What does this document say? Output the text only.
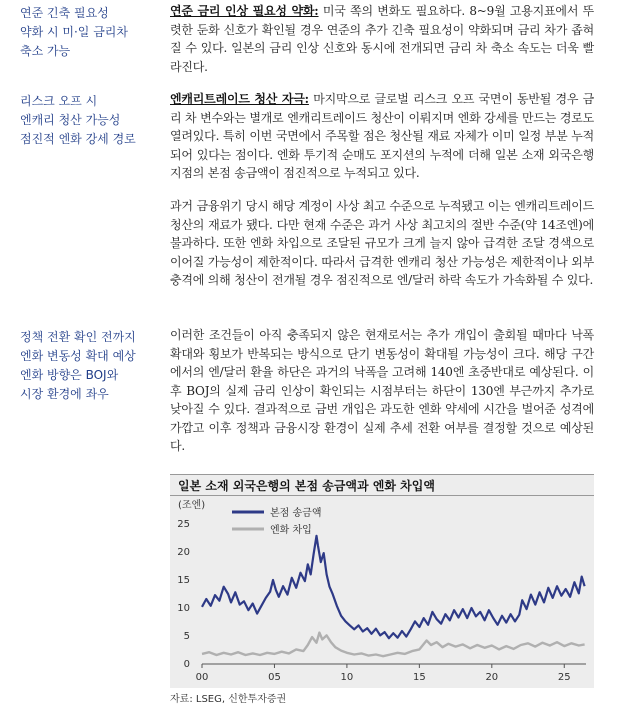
연준 긴축 필요성
약화 시 미·일 금리차
축소 가능

연준 금리 인상 필요성 약화: 미국 쪽의 변화도 필요하다. 8~9월 고용지표에서 뚜렷한 둔화 신호가 확인될 경우 연준의 추가 긴축 필요성이 약화되며 금리 차가 좁혀질 수 있다. 일본의 금리 인상 신호와 동시에 전개되면 금리 차 축소 속도는 더욱 빨라진다.

리스크 오프 시
엔캐리 청산 가능성
점진적 엔화 강세 경로

엔캐리트레이드 청산 자극: 마지막으로 글로벌 리스크 오프 국면이 동반될 경우 금리 차 변수와는 별개로 엔캐리트레이드 청산이 이뤄지며 엔화 강세를 만드는 경로도 열려있다. 특히 이번 국면에서 주목할 점은 청산될 재료 자체가 이미 일정 부분 누적되어 있다는 점이다. 엔화 투기적 순매도 포지션의 누적에 더해 일본 소재 외국은행 지점의 본점 송금액이 점진적으로 누적되고 있다.

과거 금융위기 당시 해당 계정이 사상 최고 수준으로 누적됐고 이는 엔캐리트레이드 청산의 재료가 됐다. 다만 현재 수준은 과거 사상 최고치의 절반 수준(약 14조엔)에 불과하다. 또한 엔화 차입으로 조달된 규모가 크게 늘지 않아 급격한 조달 경색으로 이어질 가능성이 제한적이다. 따라서 급격한 엔캐리 청산 가능성은 제한적이나 외부 충격에 의해 청산이 전개될 경우 점진적으로 엔/달러 하락 속도가 가속화될 수 있다.

정책 전환 확인 전까지
엔화 변동성 확대 예상
엔화 방향은 BOJ와
시장 환경에 좌우

이러한 조건들이 아직 충족되지 않은 현재로서는 추가 개입이 출회될 때마다 낙폭 확대와 횡보가 반복되는 방식으로 단기 변동성이 확대될 가능성이 크다. 해당 구간에서의 엔/달러 환율 하단은 과거의 낙폭을 고려해 140엔 초중반대로 예상된다. 이후 BOJ의 실제 금리 인상이 확인되는 시점부터는 하단이 130엔 부근까지 추가로 낮아질 수 있다. 결과적으로 금번 개입은 과도한 엔화 약세에 시간을 벌어준 성격에 가깝고 이후 정책과 금융시장 환경이 실제 추세 전환 여부를 결정할 것으로 예상된다.

일본 소재 외국은행의 본점 송금액과 엔화 차입액
(조엔)
0
5
10
15
20
25
00	05	10	15	20	25
본점 송금액
엔화 차입
자료: LSEG, 신한투자증권
